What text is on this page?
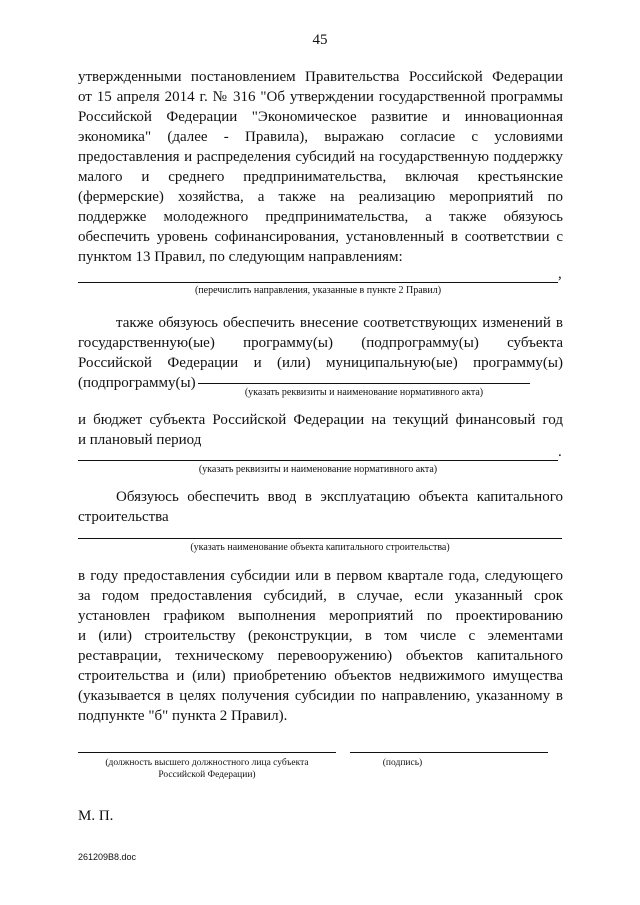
45
утвержденными постановлением Правительства Российской Федерации
от 15 апреля 2014 г. № 316 "Об утверждении государственной программы
Российской Федерации "Экономическое развитие и инновационная
экономика" (далее - Правила), выражаю согласие с условиями
предоставления и распределения субсидий на государственную поддержку
малого и среднего предпринимательства, включая крестьянские
(фермерские) хозяйства, а также на реализацию мероприятий по
поддержке молодежного предпринимательства, а также обязуюсь
обеспечить уровень софинансирования, установленный в соответствии с
пунктом 13 Правил, по следующим направлениям:
,
(перечислить направления, указанные в пункте 2 Правил)
также обязуюсь обеспечить внесение соответствующих изменений в
государственную(ые) программу(ы) (подпрограмму(ы) субъекта
Российской Федерации и (или) муниципальную(ые) программу(ы)
(подпрограмму(ы)
(указать реквизиты и наименование нормативного акта)
и бюджет субъекта Российской Федерации на текущий финансовый год
и плановый период
.
(указать реквизиты и наименование нормативного акта)
Обязуюсь обеспечить ввод в эксплуатацию объекта капитального
строительства
(указать наименование объекта капитального строительства)
в году предоставления субсидии или в первом квартале года, следующего
за годом предоставления субсидий, в случае, если указанный срок
установлен графиком выполнения мероприятий по проектированию
и (или) строительству (реконструкции, в том числе с элементами
реставрации, техническому перевооружению) объектов капитального
строительства и (или) приобретению объектов недвижимого имущества
(указывается в целях получения субсидии по направлению, указанному в
подпункте "б" пункта 2 Правил).
(должность высшего должностного лица субъекта
Российской Федерации)
(подпись)
М. П.
261209B8.doc
